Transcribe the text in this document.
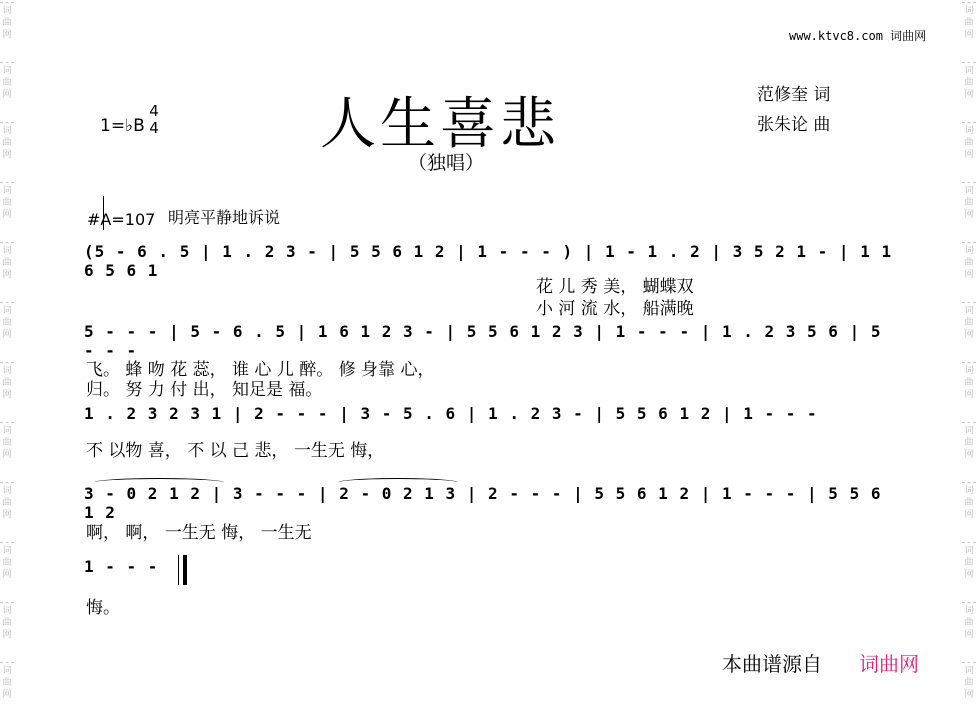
词
曲
网
词
曲
网
词
曲
网
词
曲
网
词
曲
网
词
曲
网
词
曲
网
词
曲
网
词
曲
网
词
曲
网
词
曲
网
词
曲
网
词
曲
网
词
曲
网
词
曲
网
词
曲
网
词
曲
网
词
曲
网
词
曲
网
词
曲
网
词
曲
网
词
曲
网
词
曲
网
词
曲
网
www.ktvc8.com 词曲网
1=♭B
4
4	人生喜悲
（独唱）
范修奎 词
张朱论 曲
#A=107 明亮平静地诉说
(5 - 6 . 5 | 1 . 2 3 - | 5 5 6 1 2 | 1 - - - ) | 1 - 1 . 2 | 3 5 2 1 - | 1 1 6 5 6 1
花 儿 秀 美， 蝴蝶双
小 河 流 水， 船满晚
5 - - - | 5 - 6 . 5 | 1 6 1 2 3 - | 5 5 6 1 2 3 | 1 - - - | 1 . 2 3 5 6 | 5 - - -
飞。 蜂 吻 花 蕊， 谁 心 儿 醉。 修 身靠 心，
归。 努 力 付 出， 知足是 福。
1 . 2 3 2 3 1 | 2 - - - | 3 - 5 . 6 | 1 . 2 3 - | 5 5 6 1 2 | 1 - - -
不 以物 喜， 不 以 己 悲， 一生无 悔，
3 - 0 2 1 2 | 3 - - - | 2 - 0 2 1 3 | 2 - - - | 5 5 6 1 2 | 1 - - - | 5 5 6 1 2
啊， 啊， 一生无 悔， 一生无
1 - - -
悔。
本曲谱源自 词曲网
